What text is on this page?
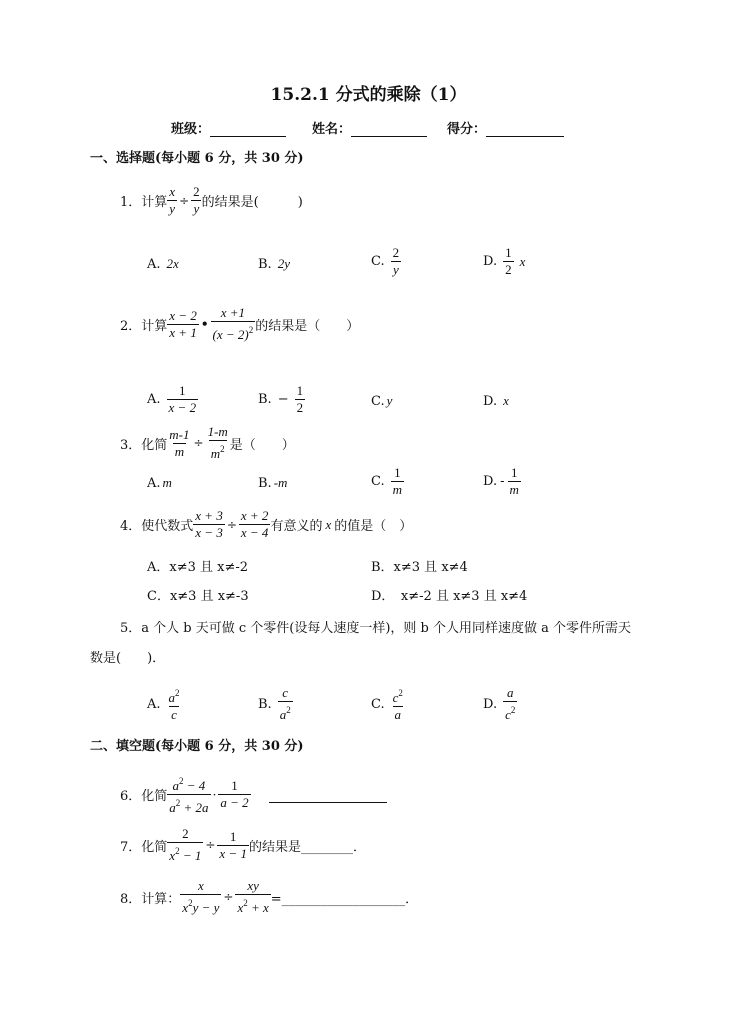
15.2.1 分式的乘除（1）
班级：	姓名：	得分：
一、选择题(每小题 6 分，共 30 分)
1．计算 $\frac{x}{y} \div \frac{2}{y}$ 的结果是(　　　)
A. 2x	B. 2y	C. $\frac{2}{y}$	D. $\frac{1}{2}$ x
2．计算 $\frac{x - 2}{x + 1}$ • $\frac{x +1}{(x - 2)^2}$ 的结果是（　　）
A. $\frac{1}{x - 2}$	B. − $\frac{1}{2}$	C. y	D. x
3．化简 $\frac{m-1}{m} \div \frac{1-m}{m^2}$ 是（　　）
A. m	B. -m	C. $\frac{1}{m}$	D. - $\frac{1}{m}$
4．使代数式 $\frac{x + 3}{x - 3} \div \frac{x + 2}{x - 4}$ 有意义的 x 的值是（　）
A．x≠3 且 x≠-2	B．x≠3 且 x≠4
C．x≠3 且 x≠-3	D．　x≠-2 且 x≠3 且 x≠4
5．a 个人 b 天可做 c 个零件(设每人速度一样)，则 b 个人用同样速度做 a 个零件所需天
数是(　　)．
A. $\frac{a^2}{c}$	B. $\frac{c}{a^2}$	C. $\frac{c^2}{a}$	D. $\frac{a}{c^2}$
二、填空题(每小题 6 分，共 30 分)
6．化简 $\frac{a^2 - 4}{a^2 + 2a} \cdot \frac{1}{a - 2}$
7．化简 $\frac{2}{x^2 - 1} \div \frac{1}{x - 1}$ 的结果是________．
8．计算： $\frac{x}{x^2y - y} \div \frac{xy}{x^2 + x}$ =___________________．
